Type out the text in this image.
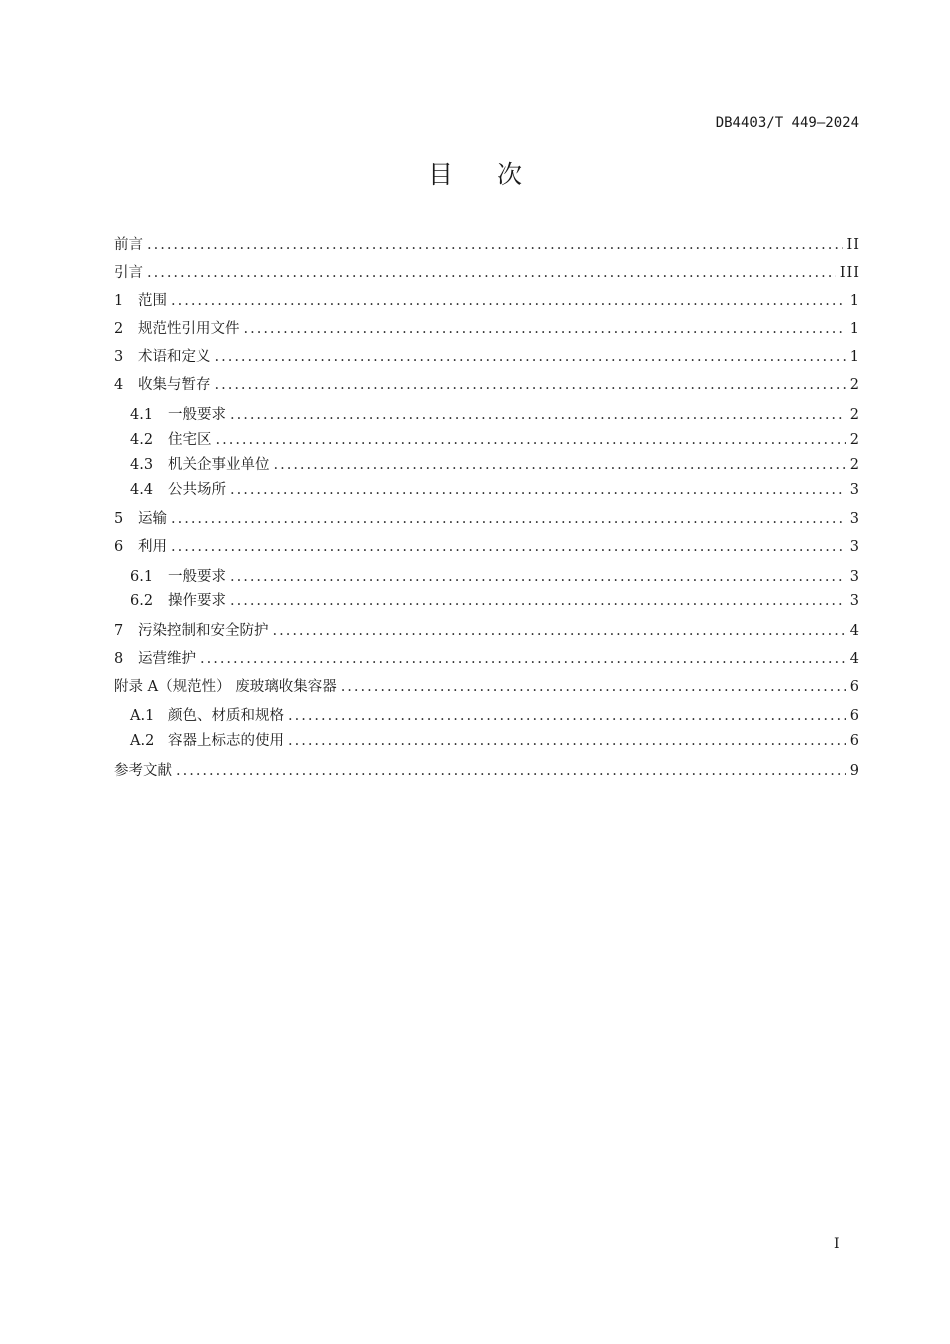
DB4403/T 449—2024
目 次
前言 .....	II
引言 .....	III
1	范围 .....	1
2	规范性引用文件 .....	1
3	术语和定义 .....	1
4	收集与暂存 .....	2
4.1	一般要求 .....	2
4.2	住宅区 .....	2
4.3	机关企事业单位 .....	2
4.4	公共场所 .....	3
5	运输 .....	3
6	利用 .....	3
6.1	一般要求 .....	3
6.2	操作要求 .....	3
7	污染控制和安全防护 .....	4
8	运营维护 .....	4
附录 A（规范性） 废玻璃收集容器 .....	6
A.1 颜色、材质和规格 .....	6
A.2 容器上标志的使用 .....	6
参考文献 .....	9
I
